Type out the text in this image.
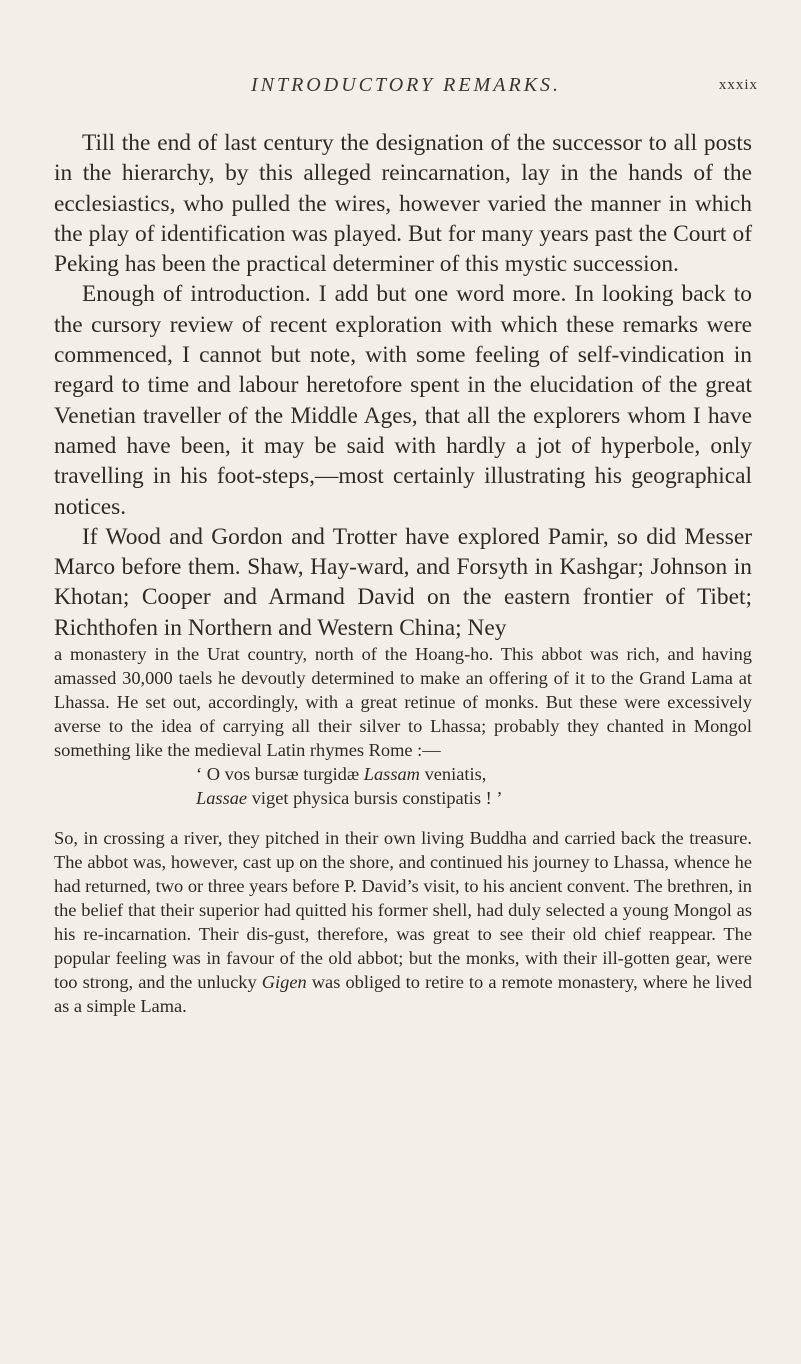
INTRODUCTORY REMARKS.	xxxix

Till the end of last century the designation of the successor to all posts in the hierarchy, by this alleged reincarnation, lay in the hands of the ecclesiastics, who pulled the wires, however varied the manner in which the play of identification was played. But for many years past the Court of Peking has been the practical determiner of this mystic succession.

Enough of introduction. I add but one word more. In looking back to the cursory review of recent exploration with which these remarks were commenced, I cannot but note, with some feeling of self-vindication in regard to time and labour heretofore spent in the elucidation of the great Venetian traveller of the Middle Ages, that all the explorers whom I have named have been, it may be said with hardly a jot of hyperbole, only travelling in his foot-steps,—most certainly illustrating his geographical notices.

If Wood and Gordon and Trotter have explored Pamir, so did Messer Marco before them. Shaw, Hay-ward, and Forsyth in Kashgar; Johnson in Khotan; Cooper and Armand David on the eastern frontier of Tibet; Richthofen in Northern and Western China; Ney

a monastery in the Urat country, north of the Hoang-ho. This abbot was rich, and having amassed 30,000 taels he devoutly determined to make an offering of it to the Grand Lama at Lhassa. He set out, accordingly, with a great retinue of monks. But these were excessively averse to the idea of carrying all their silver to Lhassa; probably they chanted in Mongol something like the medieval Latin rhymes Rome :—

‘ O vos bursæ turgidæ Lassam veniatis,
Lassae viget physica bursis constipatis ! ’

So, in crossing a river, they pitched in their own living Buddha and carried back the treasure. The abbot was, however, cast up on the shore, and continued his journey to Lhassa, whence he had returned, two or three years before P. David’s visit, to his ancient convent. The brethren, in the belief that their superior had quitted his former shell, had duly selected a young Mongol as his re-incarnation. Their dis-gust, therefore, was great to see their old chief reappear. The popular feeling was in favour of the old abbot; but the monks, with their ill-gotten gear, were too strong, and the unlucky Gigen was obliged to retire to a remote monastery, where he lived as a simple Lama.
